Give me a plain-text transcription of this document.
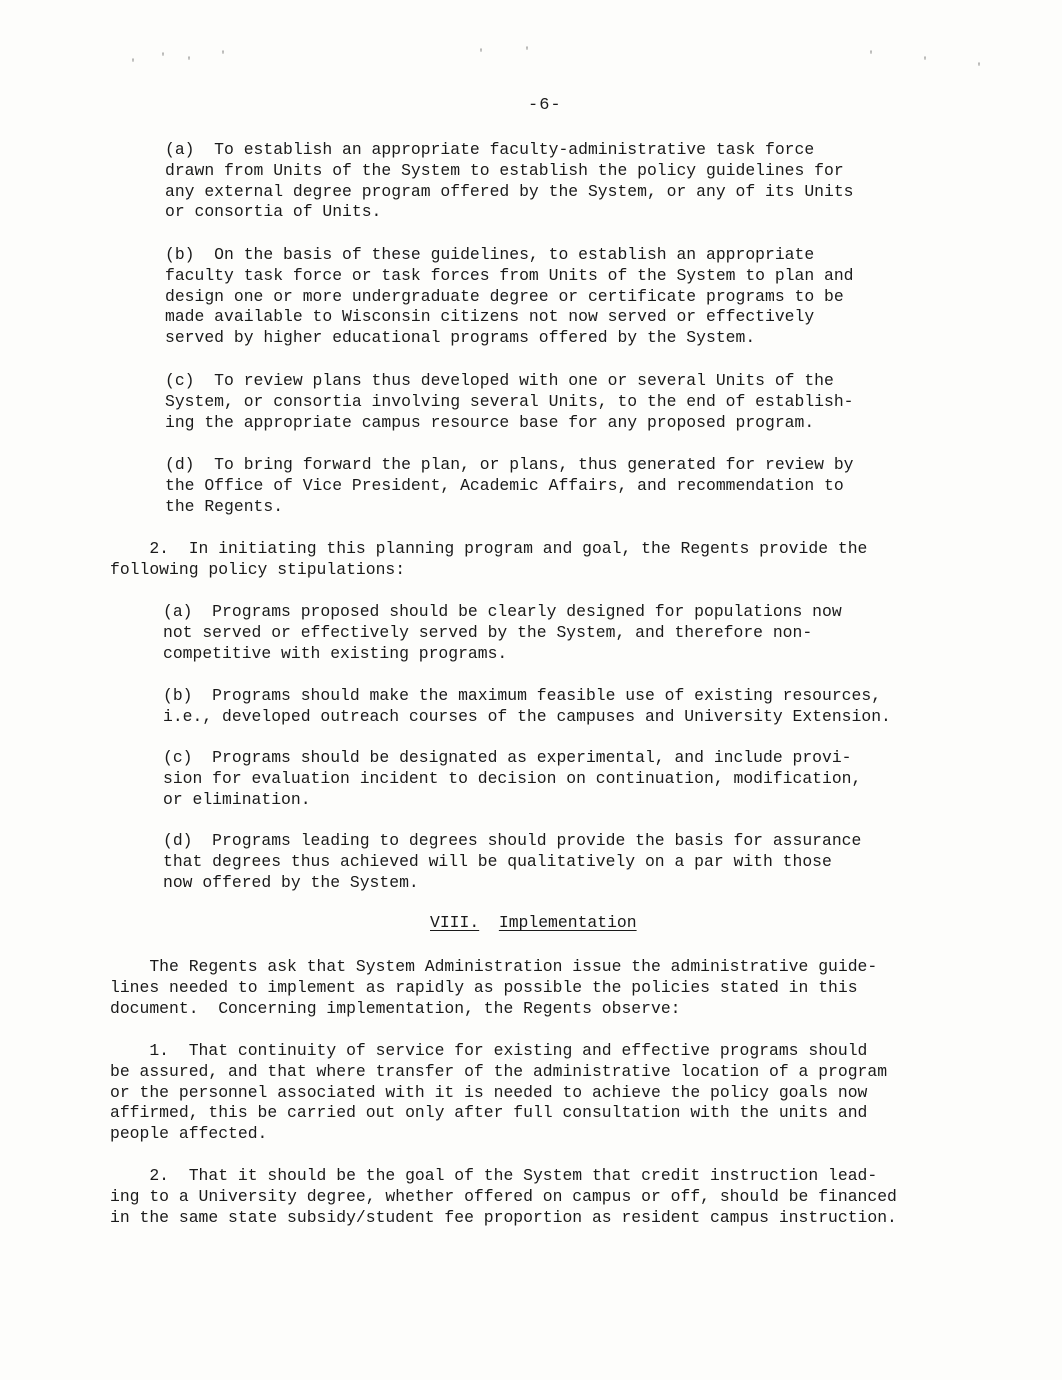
'
' '
'	'	'	'
'
'
-6-

(a)  To establish an appropriate faculty-administrative task force
drawn from Units of the System to establish the policy guidelines for
any external degree program offered by the System, or any of its Units
or consortia of Units.

(b)  On the basis of these guidelines, to establish an appropriate
faculty task force or task forces from Units of the System to plan and
design one or more undergraduate degree or certificate programs to be
made available to Wisconsin citizens not now served or effectively
served by higher educational programs offered by the System.

(c)  To review plans thus developed with one or several Units of the
System, or consortia involving several Units, to the end of establish-
ing the appropriate campus resource base for any proposed program.

(d)  To bring forward the plan, or plans, thus generated for review by
the Office of Vice President, Academic Affairs, and recommendation to
the Regents.

2.  In initiating this planning program and goal, the Regents provide the
following policy stipulations:

(a)  Programs proposed should be clearly designed for populations now
not served or effectively served by the System, and therefore non-
competitive with existing programs.

(b)  Programs should make the maximum feasible use of existing resources,
i.e., developed outreach courses of the campuses and University Extension.

(c)  Programs should be designated as experimental, and include provi-
sion for evaluation incident to decision on continuation, modification,
or elimination.

(d)  Programs leading to degrees should provide the basis for assurance
that degrees thus achieved will be qualitatively on a par with those
now offered by the System.

VIII. Implementation

The Regents ask that System Administration issue the administrative guide-
lines needed to implement as rapidly as possible the policies stated in this
document.  Concerning implementation, the Regents observe:

1.  That continuity of service for existing and effective programs should
be assured, and that where transfer of the administrative location of a program
or the personnel associated with it is needed to achieve the policy goals now
affirmed, this be carried out only after full consultation with the units and
people affected.

2.  That it should be the goal of the System that credit instruction lead-
ing to a University degree, whether offered on campus or off, should be financed
in the same state subsidy/student fee proportion as resident campus instruction.
